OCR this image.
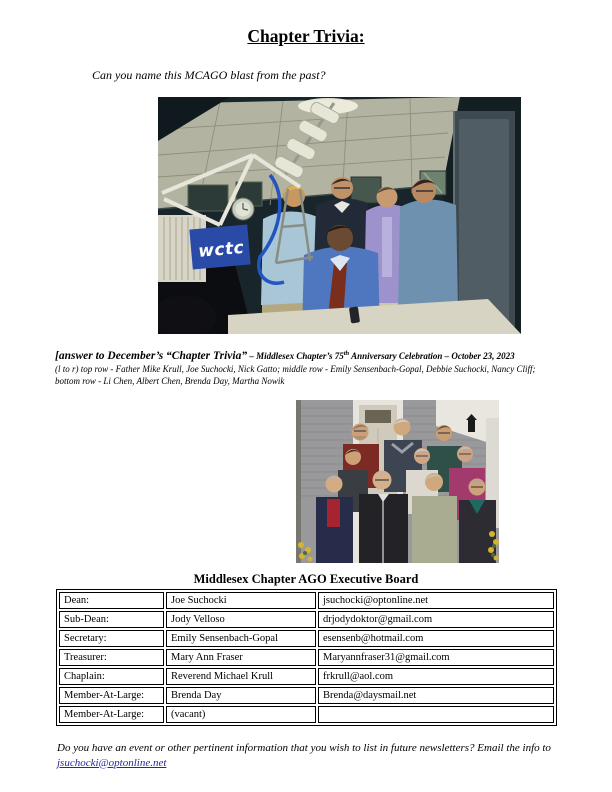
Chapter Trivia:

Can you name this MCAGO blast from the past?

wctc

[answer to December’s “Chapter Trivia” – Middlesex Chapter’s 75th Anniversary Celebration – October 23, 2023

(l to r) top row - Father Mike Krull, Joe Suchocki, Nick Gatto; middle row - Emily Sensenbach-Gopal, Debbie Suchocki, Nancy Cliff;

bottom row - Li Chen, Albert Chen, Brenda Day, Martha Nowik

Middlesex Chapter AGO Executive Board

Dean:	Joe Suchocki	jsuchocki@optonline.net
Sub-Dean:	Jody Velloso	drjodydoktor@gmail.com
Secretary:	Emily Sensenbach-Gopal	esensenb@hotmail.com
Treasurer:	Mary Ann Fraser	Maryannfraser31@gmail.com
Chaplain:	Reverend Michael Krull	frkrull@aol.com
Member-At-Large:	Brenda Day	Brenda@daysmail.net
Member-At-Large:	(vacant)	

Do you have an event or other pertinent information that you wish to list in future newsletters? Email the info to jsuchocki@optonline.net
